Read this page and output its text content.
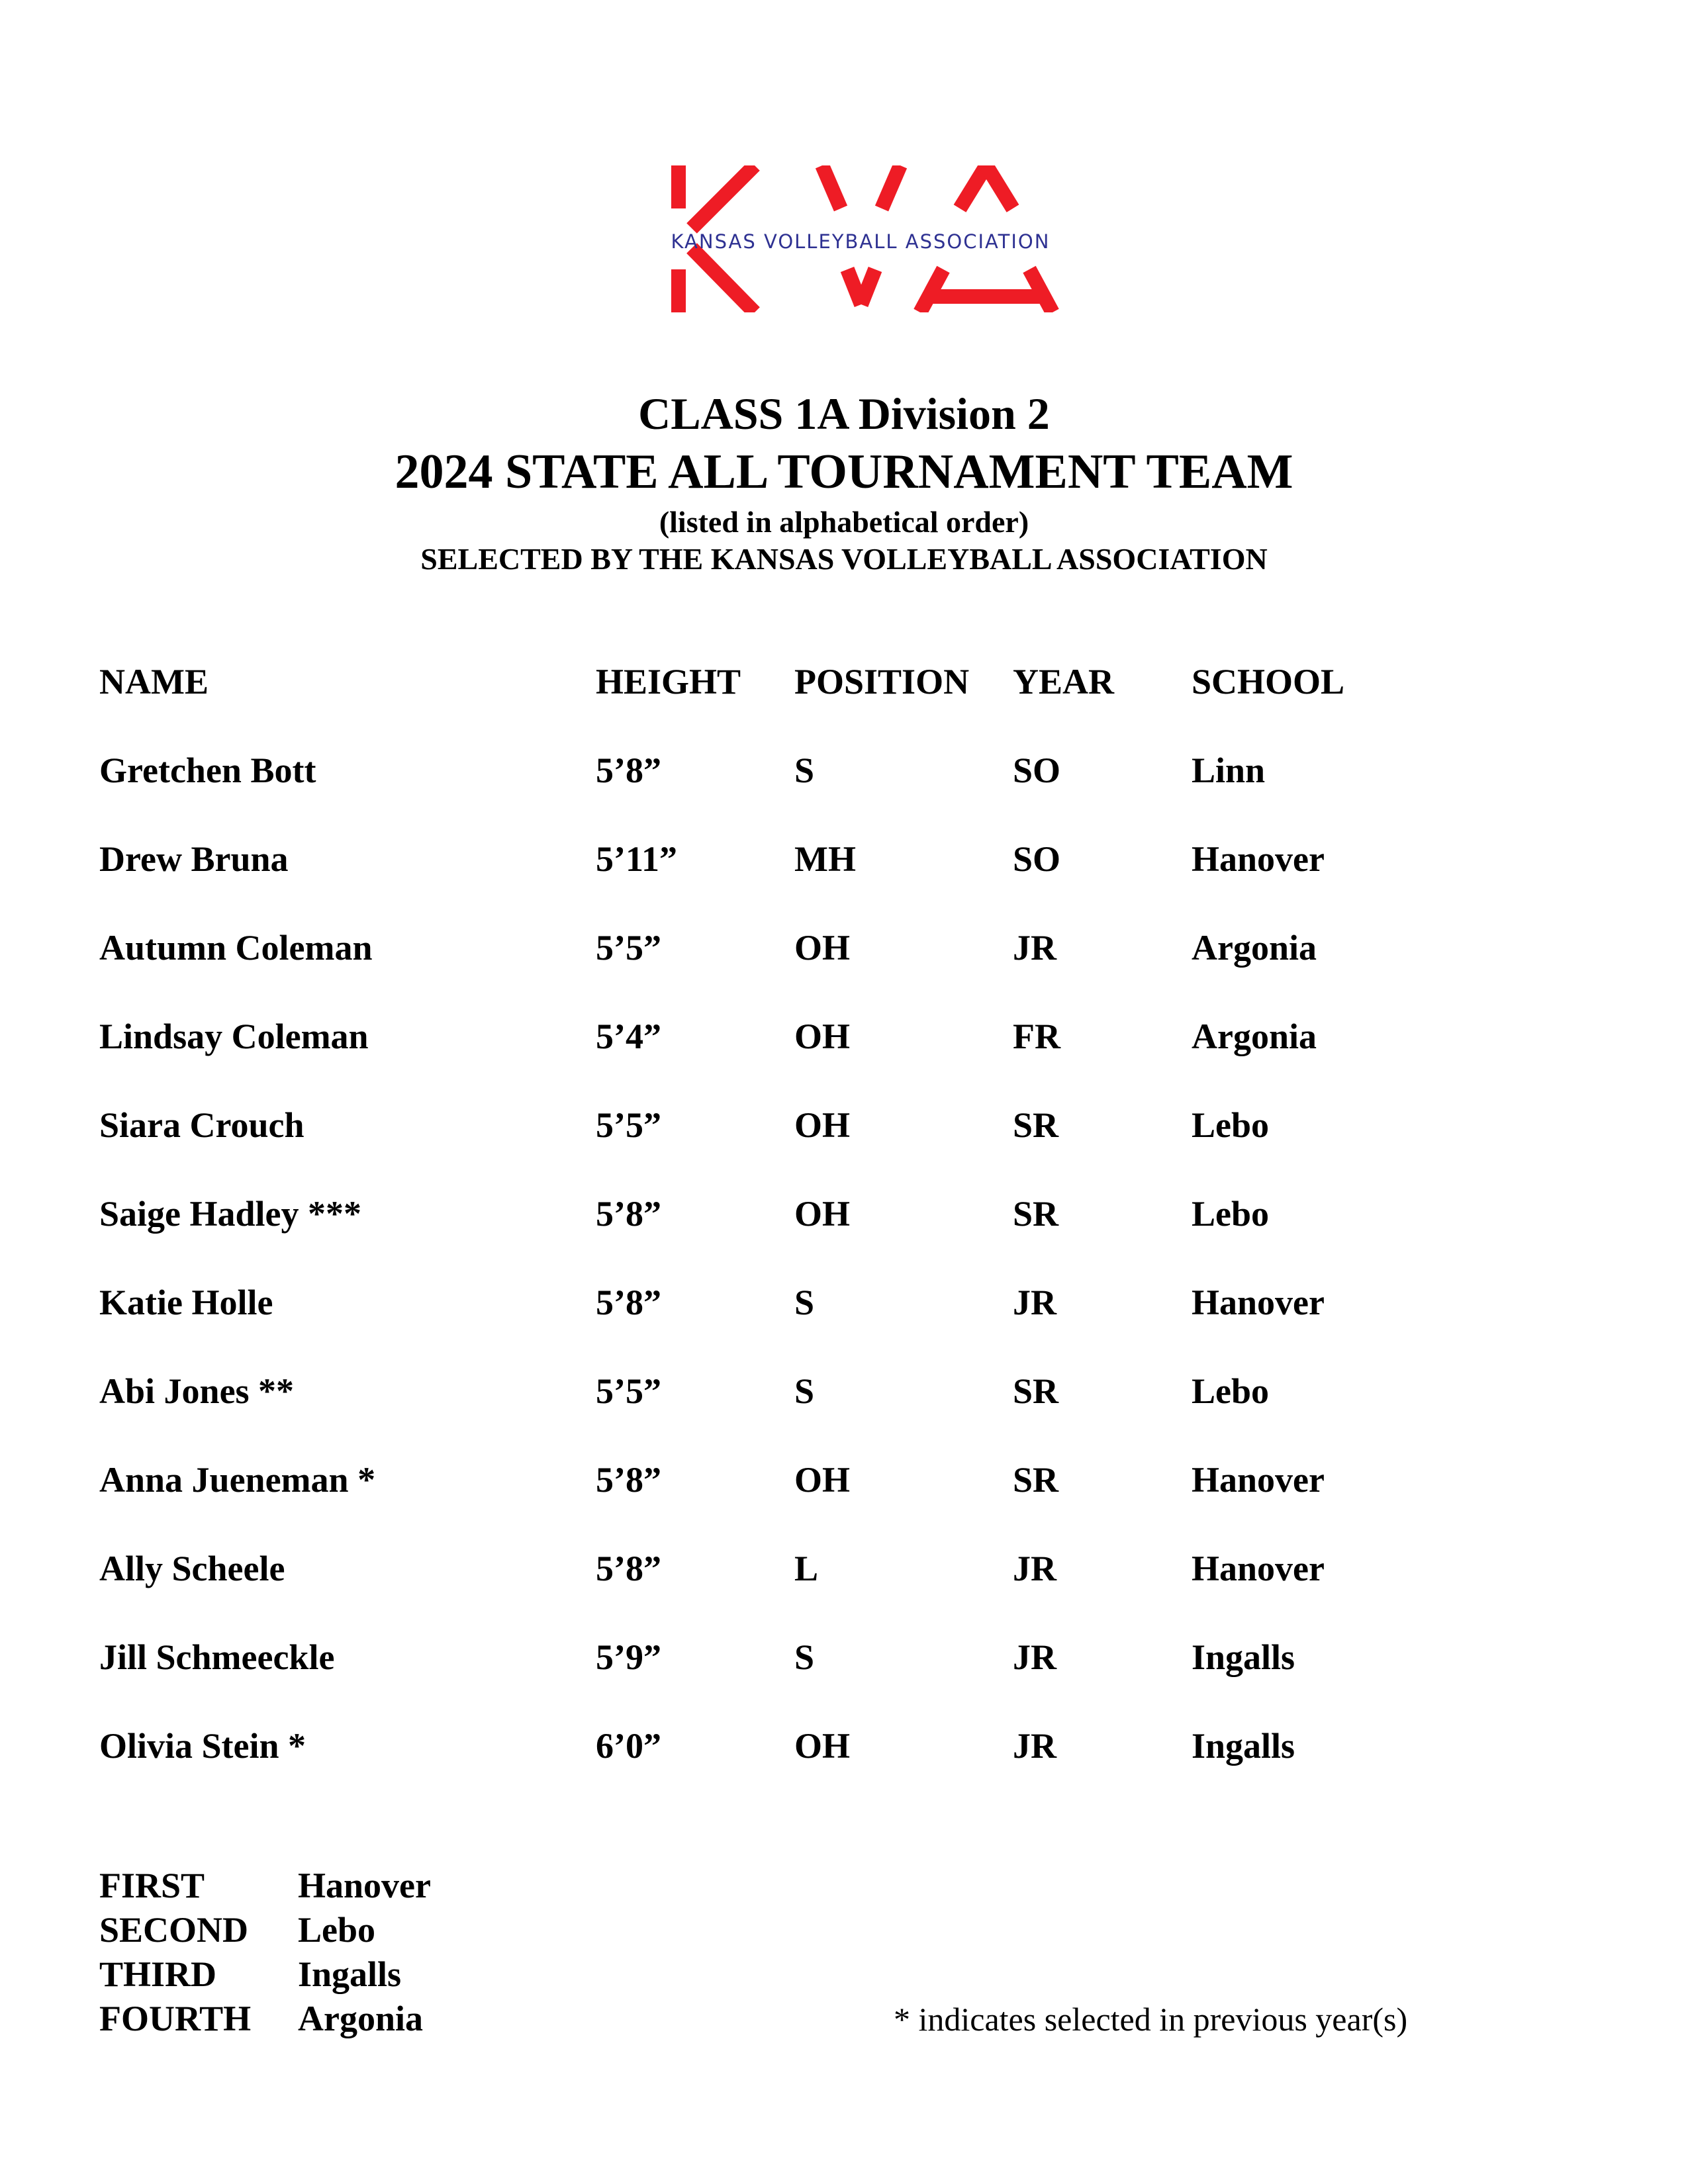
KANSAS VOLLEYBALL ASSOCIATION
CLASS 1A Division 2
2024 STATE ALL TOURNAMENT TEAM
(listed in alphabetical order)
SELECTED BY THE KANSAS VOLLEYBALL ASSOCIATION
NAME	HEIGHT POSITION YEAR SCHOOL
Gretchen Bott	5’8”	S	SO	Linn
Drew Bruna	5’11”	MH	SO	Hanover
Autumn Coleman	5’5”	OH	JR	Argonia
Lindsay Coleman	5’4”	OH	FR	Argonia
Siara Crouch	5’5”	OH	SR	Lebo
Saige Hadley ***	5’8”	OH	SR	Lebo
Katie Holle	5’8”	S	JR	Hanover
Abi Jones **	5’5”	S	SR	Lebo
Anna Jueneman *	5’8”	OH	SR	Hanover
Ally Scheele	5’8”	L	JR	Hanover
Jill Schmeeckle	5’9”	S	JR	Ingalls
Olivia Stein *	6’0”	OH	JR	Ingalls
FIRST	Hanover
SECOND Lebo
THIRD Ingalls
FOURTH Argonia	* indicates selected in previous year(s)
